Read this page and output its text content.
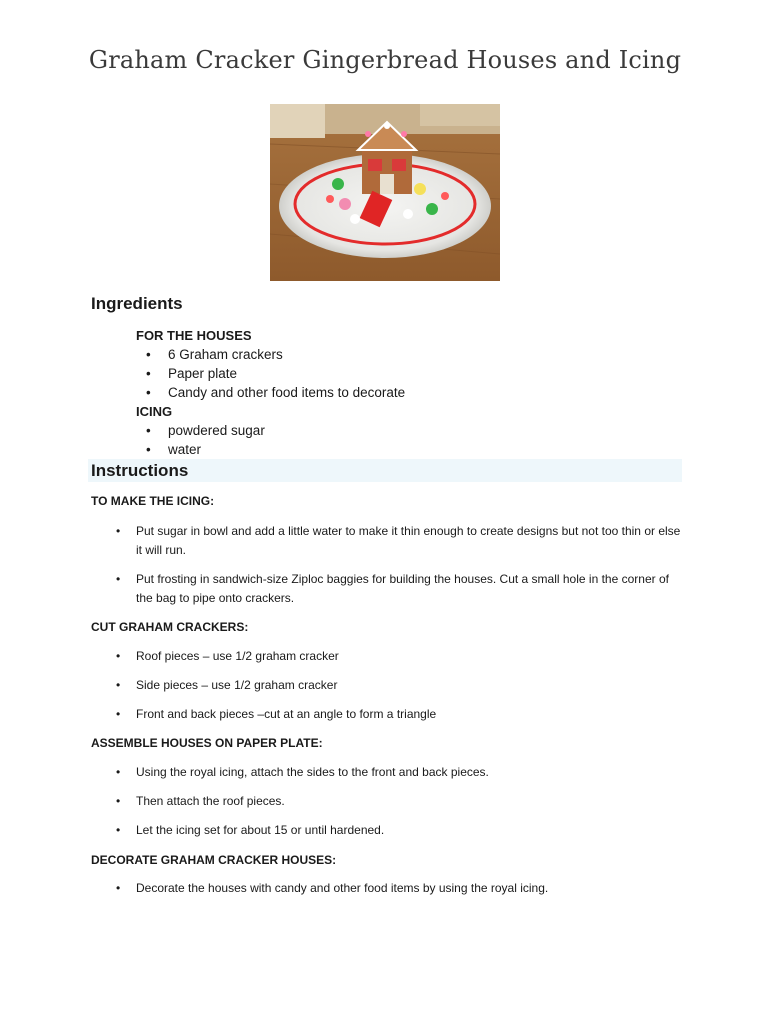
Graham Cracker Gingerbread Houses and Icing
Ingredients
FOR THE HOUSES
• 6 Graham crackers
• Paper plate
• Candy and other food items to decorate
ICING
• powdered sugar
• water
Instructions
TO MAKE THE ICING:
• Put sugar in bowl and add a little water to make it thin enough to create designs but not too thin or else it will run.
• Put frosting in sandwich-size Ziploc baggies for building the houses. Cut a small hole in the corner of the bag to pipe onto crackers.
CUT GRAHAM CRACKERS:
• Roof pieces – use 1/2 graham cracker
• Side pieces – use 1/2 graham cracker
• Front and back pieces –cut at an angle to form a triangle
ASSEMBLE HOUSES ON PAPER PLATE:
• Using the royal icing, attach the sides to the front and back pieces.
• Then attach the roof pieces.
• Let the icing set for about 15 or until hardened.
DECORATE GRAHAM CRACKER HOUSES:
• Decorate the houses with candy and other food items by using the royal icing.
